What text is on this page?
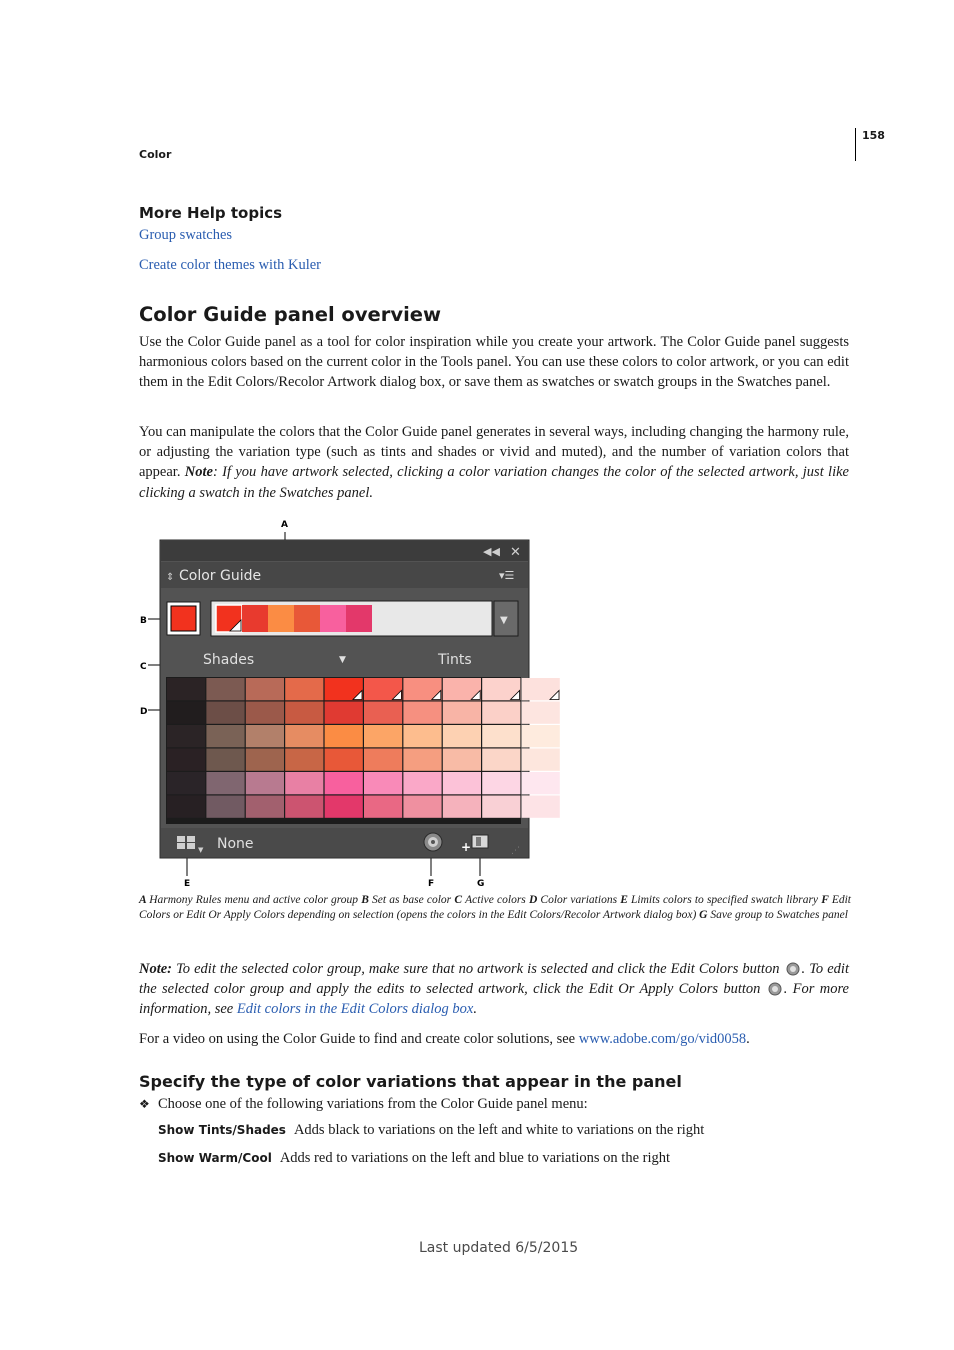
158
Color
More Help topics
Group swatches
Create color themes with Kuler
Color Guide panel overview
Use the Color Guide panel as a tool for color inspiration while you create your artwork. The Color Guide panel suggests harmonious colors based on the current color in the Tools panel. You can use these colors to color artwork, or you can edit them in the Edit Colors/Recolor Artwork dialog box, or save them as swatches or swatch groups in the Swatches panel.
You can manipulate the colors that the Color Guide panel generates in several ways, including changing the harmony rule, or adjusting the variation type (such as tints and shades or vivid and muted), and the number of variation colors that appear. Note: If you have artwork selected, clicking a color variation changes the color of the selected artwork, just like clicking a swatch in the Swatches panel.
A
B
C
D
E	F	G
◀◀ ✕
⇕ Color Guide	▾☰
▼
Shades	▼	Tints
▼ None	+	⋰
A Harmony Rules menu and active color group B Set as base color C Active colors D Color variations E Limits colors to specified swatch library F Edit Colors or Edit Or Apply Colors depending on selection (opens the colors in the Edit Colors/Recolor Artwork dialog box) G Save group to Swatches panel
Note: To edit the selected color group, make sure that no artwork is selected and click the Edit Colors button . To edit the selected color group and apply the edits to selected artwork, click the Edit Or Apply Colors button . For more information, see Edit colors in the Edit Colors dialog box.
For a video on using the Color Guide to find and create color solutions, see www.adobe.com/go/vid0058.
Specify the type of color variations that appear in the panel
❖ Choose one of the following variations from the Color Guide panel menu:
Show Tints/Shades Adds black to variations on the left and white to variations on the right
Show Warm/Cool Adds red to variations on the left and blue to variations on the right
Last updated 6/5/2015
